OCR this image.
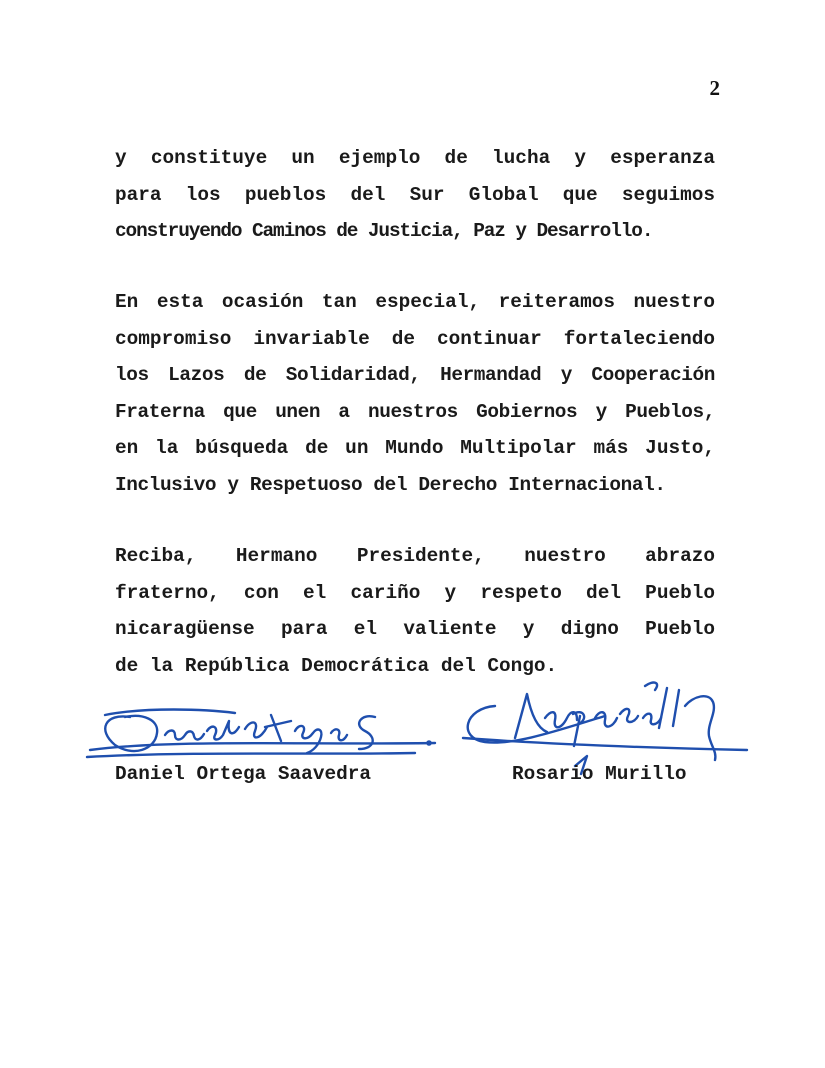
2
y constituye un ejemplo de lucha y esperanza
para los pueblos del Sur Global que seguimos
construyendo Caminos de Justicia, Paz y Desarrollo.
En esta ocasión tan especial, reiteramos nuestro
compromiso invariable de continuar fortaleciendo
los Lazos de Solidaridad, Hermandad y Cooperación
Fraterna que unen a nuestros Gobiernos y Pueblos,
en la búsqueda de un Mundo Multipolar más Justo,
Inclusivo y Respetuoso del Derecho Internacional.
Reciba, Hermano Presidente, nuestro abrazo
fraterno, con el cariño y respeto del Pueblo
nicaragüense para el valiente y digno Pueblo
de la República Democrática del Congo.
Daniel Ortega Saavedra	Rosario Murillo
